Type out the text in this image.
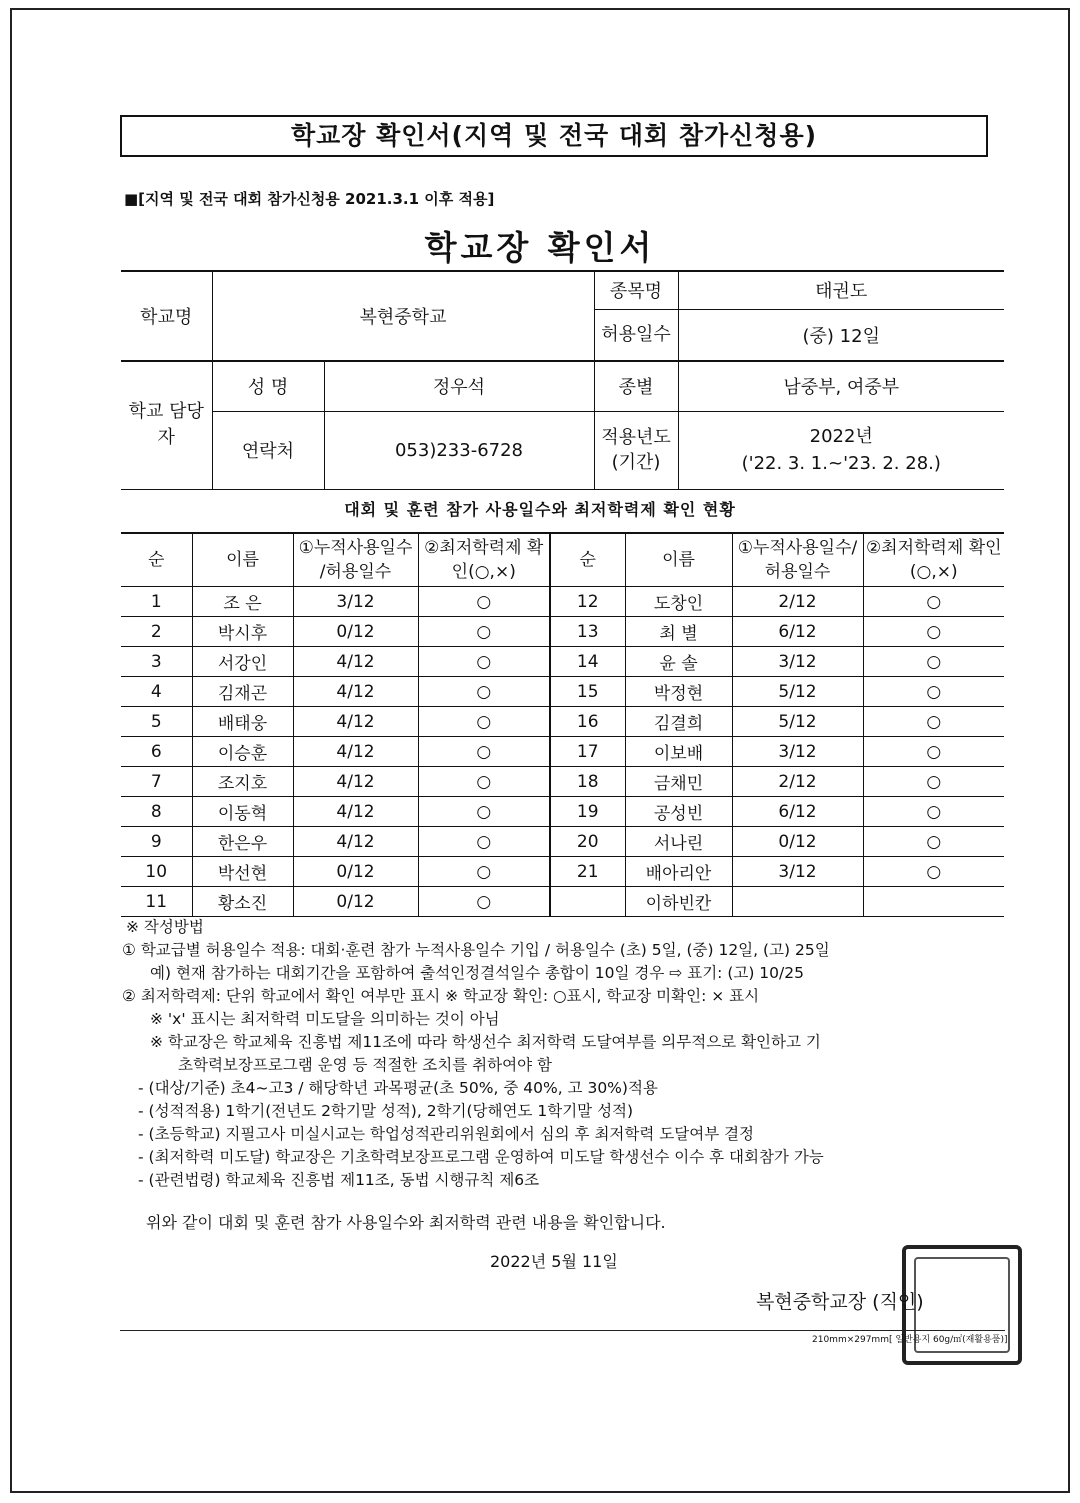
학교장 확인서(지역 및 전국 대회 참가신청용)
■[지역 및 전국 대회 참가신청용 2021.3.1 이후 적용]
학교장 확인서
학교명	복현중학교		종목명	태권도
			허용일수	(중) 12일
학교 담당자	성 명	정우석	종별	남중부, 여중부
	연락처	053)233-6728	적용년도 (기간)	2022년
('22. 3. 1.~'23. 2. 28.)
대회 및 훈련 참가 사용일수와 최저학력제 확인 현황
순	이름	①누적사용일수 /허용일수	②최저학력제 확인(○,×)	순	이름	①누적사용일수/ 허용일수	②최저학력제 확인(○,×)
1	조 은	3/12	○	12	도창인	2/12	○
2	박시후	0/12	○	13	최 별	6/12	○
3	서강인	4/12	○	14	윤 솔	3/12	○
4	김재곤	4/12	○	15	박정현	5/12	○
5	배태웅	4/12	○	16	김결희	5/12	○
6	이승훈	4/12	○	17	이보배	3/12	○
7	조지호	4/12	○	18	금채민	2/12	○
8	이동혁	4/12	○	19	공성빈	6/12	○
9	한은우	4/12	○	20	서나린	0/12	○
10	박선현	0/12	○	21	배아리안	3/12	○
11	황소진	0/12	○		이하빈칸		
※ 작성방법
① 학교급별 허용일수 적용: 대회·훈련 참가 누적사용일수 기입 / 허용일수 (초) 5일, (중) 12일, (고) 25일
예) 현재 참가하는 대회기간을 포함하여 출석인정결석일수 총합이 10일 경우 ⇨ 표기: (고) 10/25
② 최저학력제: 단위 학교에서 확인 여부만 표시 ※ 학교장 확인: ○표시, 학교장 미확인: × 표시
※ 'x' 표시는 최저학력 미도달을 의미하는 것이 아님
※ 학교장은 학교체육 진흥법 제11조에 따라 학생선수 최저학력 도달여부를 의무적으로 확인하고 기
초학력보장프로그램 운영 등 적절한 조치를 취하여야 함
- (대상/기준) 초4~고3 / 해당학년 과목평균(초 50%, 중 40%, 고 30%)적용
- (성적적용) 1학기(전년도 2학기말 성적), 2학기(당해연도 1학기말 성적)
- (초등학교) 지필고사 미실시교는 학업성적관리위원회에서 심의 후 최저학력 도달여부 결정
- (최저학력 미도달) 학교장은 기초학력보장프로그램 운영하여 미도달 학생선수 이수 후 대회참가 가능
- (관련법령) 학교체육 진흥법 제11조, 동법 시행규칙 제6조
위와 같이 대회 및 훈련 참가 사용일수와 최저학력 관련 내용을 확인합니다.
2022년 5월 11일
복현중학교장 (직인)
210mm×297mm[ 일반용지 60g/㎡(재활용품)]
